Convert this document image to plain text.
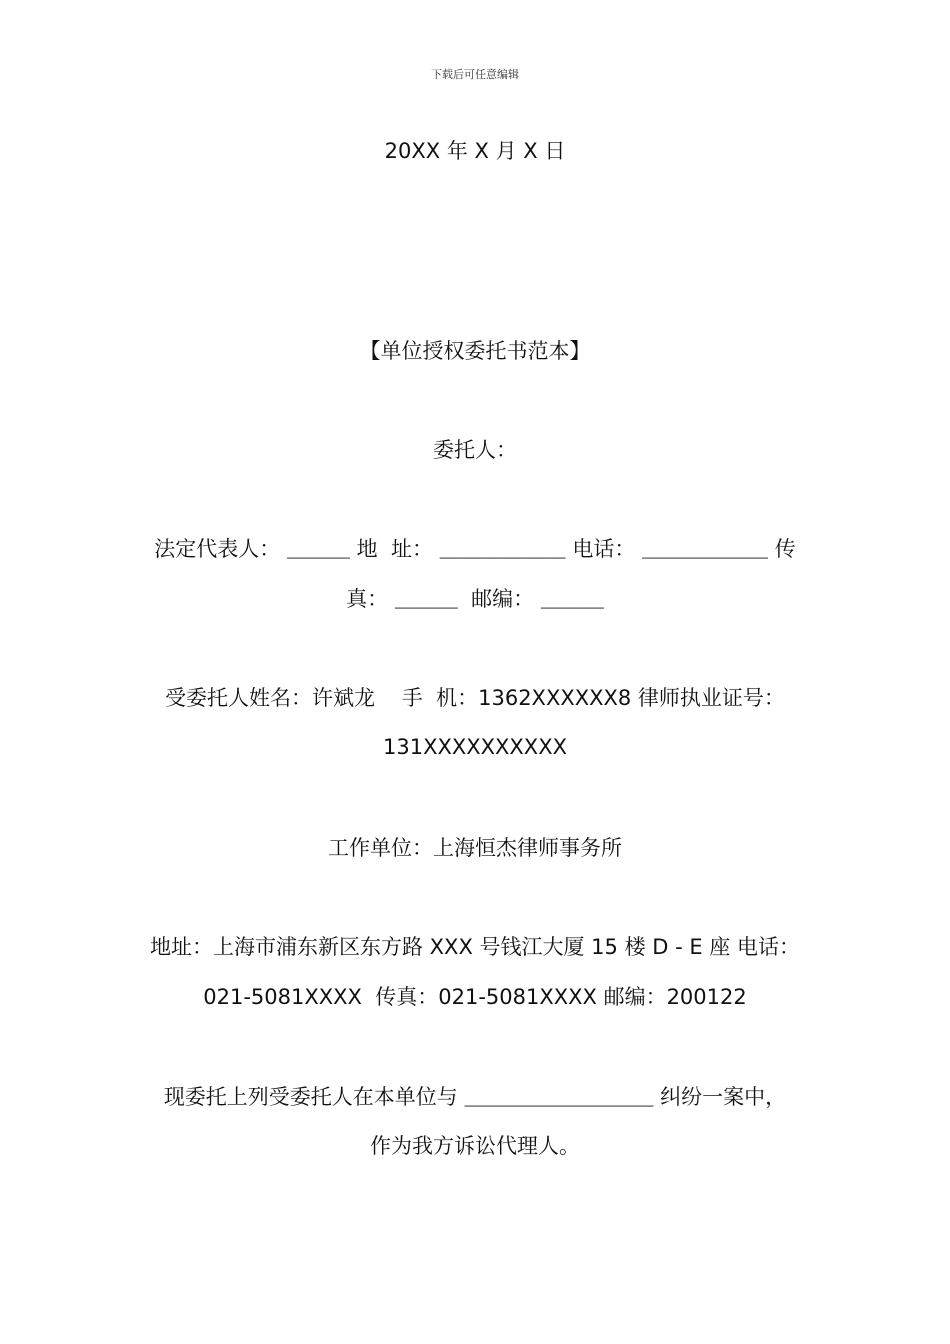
下载后可任意编辑
20XX 年 X 月 X 日
【单位授权委托书范本】
委托人：
法定代表人： ＿＿＿ 地  址： ＿＿＿＿＿＿ 电话： ＿＿＿＿＿＿ 传
真： ＿＿＿  邮编： ＿＿＿
受委托人姓名：许斌龙    手  机：1362XXXXXX8 律师执业证号：
131XXXXXXXXXX
工作单位：上海恒杰律师事务所
地址：上海市浦东新区东方路 XXX 号钱江大厦 15 楼 D - E 座 电话：
021-5081XXXX  传真：021-5081XXXX 邮编：200122
现委托上列受委托人在本单位与 ＿＿＿＿＿＿＿＿＿ 纠纷一案中，
作为我方诉讼代理人。
